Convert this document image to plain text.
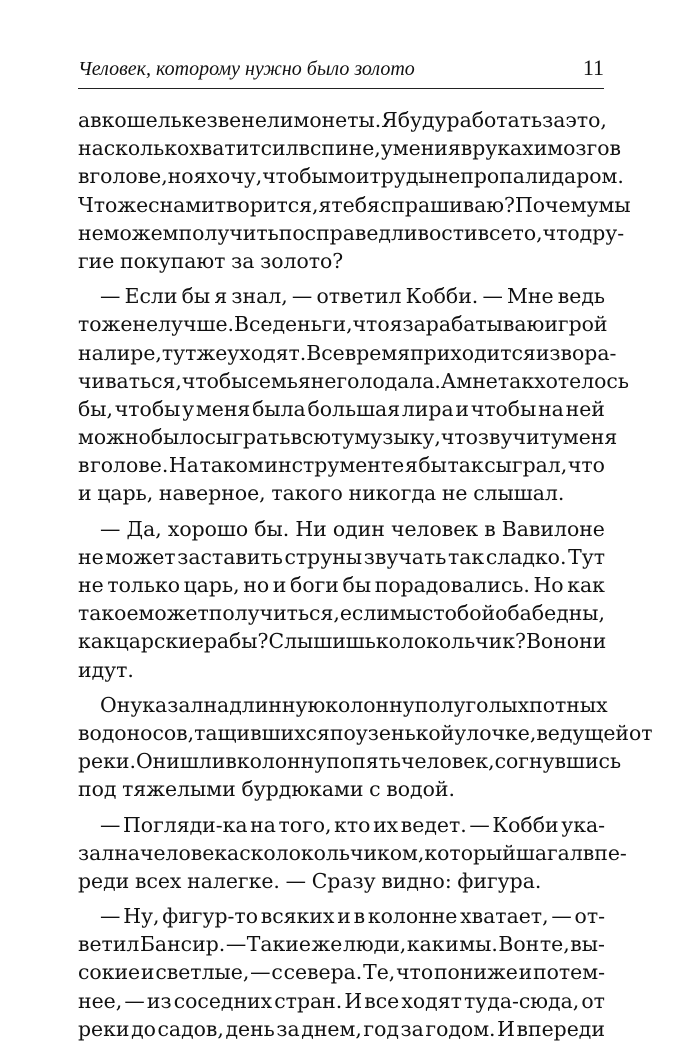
Человек, которому нужно было золото	11
а в кошельке звенели монеты. Я буду работать за это,
насколько хватит сил в спине, умения в руках и мозгов
в голове, но я хочу, чтобы мои труды не пропали даром.
Что же с нами творится, я тебя спрашиваю? Почему мы
не можем получить по справедливости все то, что дру-
гие покупают за золото?
— Если бы я знал, — ответил Кобби. — Мне ведь
тоже не лучше. Все деньги, что я зарабатываю игрой
на лире, тут же уходят. Все время приходится извора-
чиваться, чтобы семья не голодала. А мне так хотелось
бы, чтобы у меня была большая лира и чтобы на ней
можно было сыграть всю ту музыку, что звучит у меня
в голове. На таком инструменте я бы так сыграл, что
и царь, наверное, такого никогда не слышал.
— Да, хорошо бы. Ни один человек в Вавилоне
не может заставить струны звучать так сладко. Тут
не только царь, но и боги бы порадовались. Но как
такое может получиться, если мы с тобой оба бедны,
как царские рабы? Слышишь колокольчик? Вон они
идут.
Он указал на длинную колонну полуголых потных
водоносов, тащившихся по узенькой улочке, ведущей от
реки. Они шли в колонну по пять человек, согнувшись
под тяжелыми бурдюками с водой.
— Погляди-ка на того, кто их ведет. — Кобби ука-
зал на человека с колокольчиком, который шагал впе-
реди всех налегке. — Сразу видно: фигура.
— Ну, фигур-то всяких и в колонне хватает, — от-
ветил Бансир. — Такие же люди, как и мы. Вон те, вы-
сокие и светлые, — с севера. Те, что пониже и потем-
нее, — из соседних стран. И все ходят туда-сюда, от
реки до садов, день за днем, год за годом. И впереди
